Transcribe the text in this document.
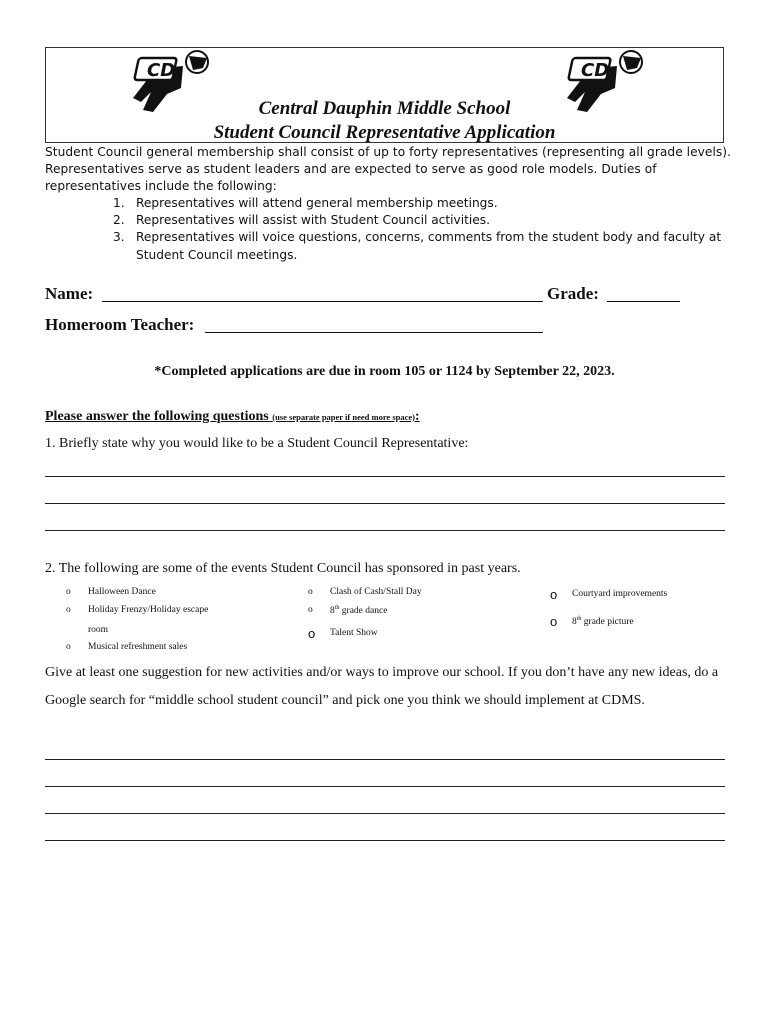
CD	CD
Central Dauphin Middle School
Student Council Representative Application
Student Council general membership shall consist of up to forty representatives (representing all grade levels). Representatives serve as student leaders and are expected to serve as good role models. Duties of representatives include the following:
1. Representatives will attend general membership meetings.
2. Representatives will assist with Student Council activities.
3. Representatives will voice questions, concerns, comments from the student body and faculty at Student Council meetings.
Name:	Grade:
Homeroom Teacher:
*Completed applications are due in room 105 or 1124 by September 22, 2023.
Please answer the following questions (use separate paper if need more space):
1. Briefly state why you would like to be a Student Council Representative:
2. The following are some of the events Student Council has sponsored in past years.
o	Halloween Dance
o	Holiday Frenzy/Holiday escape
room
o	Musical refreshment sales
o	Clash of Cash/Stall Day
o	8th grade dance
o	Talent Show
o	Courtyard improvements
o	8th grade picture
Give at least one suggestion for new activities and/or ways to improve our school. If you don’t have any new ideas, do a Google search for “middle school student council” and pick one you think we should implement at CDMS.
